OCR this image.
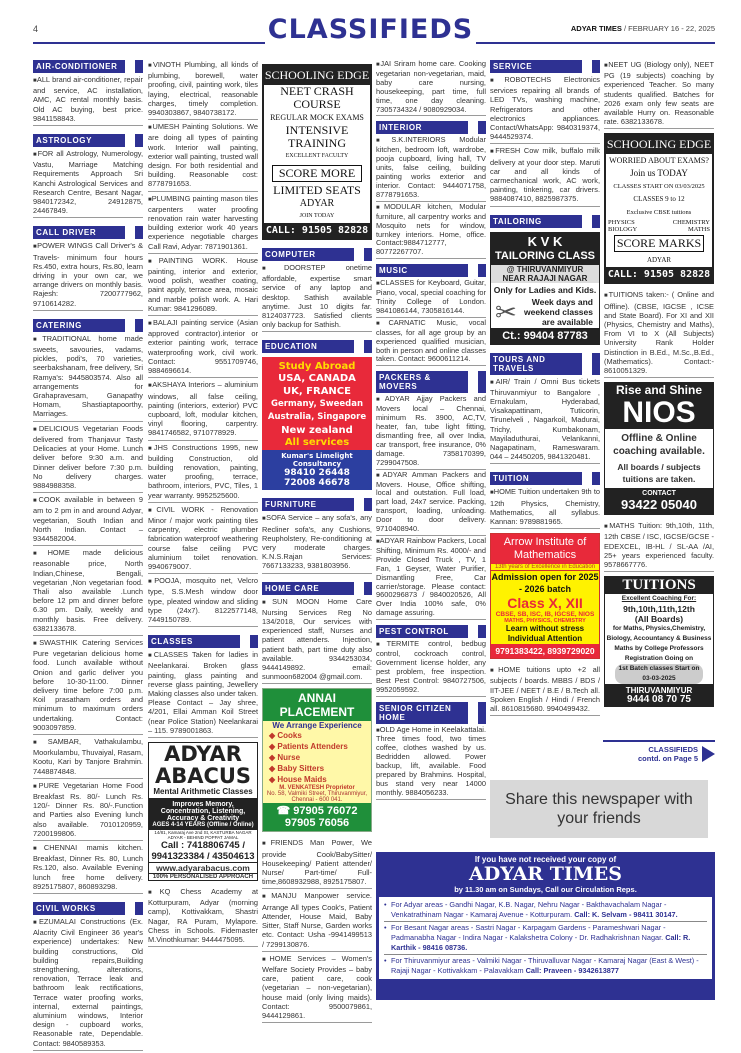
4	CLASSIFIEDS	ADYAR TIMES / FEBRUARY 16 - 22, 2025
AIR-CONDITIONER
■ALL brand air-conditioner, repair and service, AC installation, AMC, AC rental monthly basis. Old AC buying, best price. 9841158843.
ASTROLOGY
■FOR all Astrology, Numerology, Vastu, Marriage Matching Requirements Approach Sri Kanchi Astrological Services and Research Centre, Besant Nagar, 9840172342, 24912875, 24467849.
CALL DRIVER
■POWER WINGS Call Driver's & Travels- minimum four hours Rs.450, extra hours, Rs.80, learn driving in your own car, we arrange drivers on monthly basis. Rajesh: 7200777962, 9710614282.
CATERING
■TRADITIONAL home made sweets, savouries, vadams, pickles, podi's, 70 varieties, seerbakshanam, free delivery, Sri Ramya's: 9445803574. Also all arrangements for Grahapravesam, Ganapathy Homam, Shastiaptapoorthy, Marriages.
■DELICIOUS Vegetarian Foods delivered from Thanjavur Tasty Delicacies at your Home. Lunch deliver before 9:30 a.m. and Dinner deliver before 7:30 p.m. No delivery charges. 9884988358.
■COOK available in between 9 am to 2 pm in and around Adyar, vegetarian, South Indian and North Indian. Contact – 9344582004.
■HOME made delicious reasonable price, North Indian,Chinese, Bengali, vegetarian ,Non vegetarian food. Thali also available .Lunch before 12 pm and dinner before 6.30 pm. Daily, weekly and monthly basis. Free delivery. 6382133678.
■SWASTHIK Catering Services Pure vegetarian delicious home food. Lunch available without Onion and garlic deliver you before 10-30-11:00. Dinner delivery time before 7:00 p.m. Koil prasatham orders and minimum to maximum orders undertaking. Contact: 9003097859.
■SAMBAR, Vathakulambu, Moorkulambu, Thuvaiyal, Rasam, Kootu, Kari by Tanjore Brahmin. 7448874848.
■PURE Vegetarian Home Food Breakfast Rs. 80/- Lunch Rs. 120/- Dinner Rs. 80/-.Function and Parties also Evening lunch also available. 7010120959, 7200199806.
■CHENNAI mamis kitchen. Breakfast, Dinner Rs. 80, Lunch Rs.120, also. Available Evening lunch free home delivery. 8925175807, 860893298.
CIVIL WORKS
■EZUMALAI Constructions (Ex. Alacrity Civil Engineer 36 year's experience) undertakes: New building constructions, Old building repairs,Building strengthening, alterations, renovation, Terrace leak and bathroom leak rectifications, Terrace water proofing works, internal, external paintings, aluminium windows, Interior design - cupboard works, Reasonable rate, Dependable. Contact: 9840589353.
■VINOTH Plumbing, all kinds of plumbing, borewell, water proofing, civil, painting work, tiles laying, electrical, reasonable charges, timely completion. 9940303867, 9840738172.
■UMESH Painting Solutions. We are doing all types of painting work. Interior wall painting, exterior wall painting, trusted wall design. For both residential and building. Reasonable cost: 8778791653.
■PLUMBING painting mason tiles carpenters water proofing renovation rain water harvesting building exterior work 40 years experience negotiable charges Call Ravi, Adyar: 7871901361.
■PAINTING WORK. House painting, interior and exterior, wood polish, weather coating, paint apply, terrace area, mosaic and marble polish work. A. Hari Kumar: 9841296089.
■BALAJI painting service (Asian approved contractor).interior or exterior painting work, terrace waterproofing work, civil work. Contact: 9551709746, 9884696614.
■AKSHAYA Interiors – aluminium windows, all false ceiling, painting (interiors, exterior) PVC cupboard, loft, modular kitchen, vinyl flooring, carpentry. 9841746582, 9710778929.
■JHS Constructions 1995, new building Construction, old building renovation, painting, water proofing, terrace, bathroom, interiors, PVC, Tiles, 1 year warranty. 9952525600.
■CIVIL WORK - Renovation Minor / major work painting tiles carpentry, electric plumber fabrication waterproof weathering course false ceiling PVC aluminium toilet renovation. 9940679007.
■POOJA, mosquito net, Velcro type, S.S.Mesh window door type, pleated window and sliding type (24x7). 8122577148, 7449150789.
CLASSES
■CLASSES Taken for ladies in Neelankarai. Broken glass painting, glass painting and reverse glass painting, Jewellery Making classes also under taken. Please Contact – Jay shree, 4/201, Ellai Amman Koil Street (near Police Station) Neelankarai – 115. 9789001863.
ADYAR
ABACUS
Mental Arithmetic Classes
Improves Memory, Concentration, Listening, Accuracy & Creativity
AGES 4-14 YEARS (Offline / Online)
14/81, Kamaraj Ave 2nd St, KASTURBA NAGAR ADYAR - BEHIND POPPAT JAMAL
Call : 7418806745 /
9941323384 / 43504613
www.adyarabacus.com
100% PERSONALISED APPROACH
■KQ Chess Academy at Kotturpuram, Adyar (morning camp), Kottivakkam, Shastri Nagar, RA Puram, Mylapore. Chess in Schools. Fidemaster M.Vinothkumar: 9444475095.
SCHOOLING EDGE
NEET CRASH COURSE
REGULAR MOCK EXAMS
INTENSIVE TRAINING
EXCELLENT FACULTY
SCORE MORE
LIMITED SEATS
ADYAR
JOIN TODAY
CALL: 91505 82828
COMPUTER
■DOORSTEP onetime affordable, expertise smart service of any laptop and desktop. Sathish available anytime. Just 10 digits far. 8124037723. Satisfied clients only backup for Sathish.
EDUCATION
Study Abroad
USA, CANADA
UK, FRANCE
Germany, Sweedan
Australia, Singapore
New zealand
All services
Kumar's Limelight Consultancy
98410 26448
72008 46678
FURNITURE
■SOFA Service – any sofa's, any Recliner sofa's, any Cushions, Reupholstery, Re-conditioning at very moderate charges. K.N.S.Rajan Services: 7667133233, 9381803956.
HOME CARE
■SUN MOON Home Care Nursing Services Reg No 134/2018, Our services with experienced staff, Nurses and patient attenders. Injection, patient bath, part time duty also available. 9344253034, 9444149892. email: sunmoon682004 @gmail.com.
ANNAI PLACEMENT
We Arrange Experience
◆ Cooks
◆ Patients Attenders
◆ Nurse
◆ Baby Sitters
◆ House Maids
M. VENKATESH Proprietor
No. 58, Valmiki Street, Thiruvanmiyur, Chennai - 600 041.
☎ 97905 76072
97905 76056
■FRIENDS Man Power, We provide Cook/BabySitter/ Housekeeping/ Patient attender/ Nurse/ Part-time/ Full-time,8608932988, 8925175807.
■MANJU Manpower service. Arrange All types Cook's, Patient Attender, House Maid, Baby Sitter, Staff Nurse, Garden works etc. Contact: Usha -9941499513 / 7299130876.
■HOME Services – Women's Welfare Society Provides – baby care, patient care, cook (vegetarian – non-vegetarian), house maid (only living maids). Contact: 9500079861, 9444129861.
■JAI Sriram home care. Cooking vegetarian non-vegetarian, maid, baby care nursing, housekeeping, part time, full time, one day cleaning. 7305734324 / 9080929034.
INTERIOR
■S.K.INTERIORS Modular kitchen, bedroom loft, wardrobe, pooja cupboard, living hall, TV units, false ceiling, building painting works exterior and interior. Contact: 9444071758, 8778791653.
■MODULAR kitchen, Modular furniture, all carpentry works and Mosquito nets for window, turnkey interiors. Home, office. Contact:9884712777, 80772267707.
MUSIC
■CLASSES for Keyboard, Guitar, Piano, vocal, special coaching for Trinity College of London. 9841086144, 7305816144.
■CARNATIC Music, vocal classes, for all age group by an experienced qualified musician, both in person and online classes taken. Contact: 9600611214.
PACKERS & MOVERS
■ADYAR Ajjay Packers and Movers local – Chennai, minimum Rs. 3900, AC,TV, heater, fan, tube light fitting, dismantling free, all over India, car transport, free insurance, 0% damage. 7358170399, 7299047508.
■ADYAR Amman Packers and Movers. House, Office shifting, local and outstation. Full load, part load, 24x7 service. Packing, transport, loading, unloading. Door to door delivery. 9710408940.
■ADYAR Rainbow Packers, Local Shifting, Minimum Rs. 4000/- and Provide Closed Truck , TV, 1 Fan, 1 Geyser, Water Purifier, Dismantling Free, Car carrier/storage. Please contact: 9600296873 / 9840020526, All Over India 100% safe, 0% damage assuring.
PEST CONTROL
■TERMITE control, bedbug control, cockroach control, Government license holder, any pest problem, free inspection. Best Pest Control: 9840727506, 9952059592.
SENIOR CITIZEN HOME
■OLD Age Home in Keelakattalai. Three times food, two times coffee, clothes washed by us. Bedridden allowed. Power backup, lift, available. Food prepared by Brahmins. Hospital, bus stand very near 14000 monthly. 9884056233.
SERVICE
■ROBOTECHS Electronics services repairing all brands of LED TVs, washing machine, Refrigerators and other electronics appliances. Contact/WhatsApp: 9840319374, 9444529374.
■FRESH Cow milk, buffalo milk delivery at your door step. Maruti car and all kinds of carmechanical work, AC work, painting, tinkering, car drivers. 9884087410, 8825987375.
TAILORING
K V K
TAILORING CLASS
@ THIRUVANMIYUR
NEAR RAJAJI NAGAR
Only for Ladies and Kids.
✂	Week days and weekend classes are available
Ct.: 99404 87783
TOURS AND TRAVELS
■AIR/ Train / Omni Bus tickets Thiruvanmiyur to Bangalore , Ernakulam, Hyderabad, Visakapattinam, Tuticorin, Tirunelveli , Nagarkoil, Madurai, Trichy, Kumbakonam, Mayiladuthurai, Velankanni, Nagapatinam, Rameswaram. 044 – 24450205, 9841320481.
TUITION
■HOME Tuition undertaken 9th to 12th Physics, Chemistry, Mathematics, all syllabus. Kannan: 9789881965.
Arrow Institute of Mathematics
13th years of Excellence in Education
Admission open for 2025 - 2026 batch
Class X, XII
CBSE, SB, ISC, IB, IGCSE, NIOS
MATHS, PHYSICS, CHEMISTRY
Learn without stress Individual Attention
9791383422, 8939729020
■HOME tuitions upto +2 all subjects / boards. MBBS / BDS / IIT-JEE / NEET / B.E / B.Tech all. Spoken English / Hindi / French all. 8610815680. 9940499432.
■NEET UG (Biology only), NEET PG (19 subjects) coaching by experienced Teacher. So many students qualified. Batches for 2026 exam only few seats are available Hurry on. Reasonable rate. 6382133678.
SCHOOLING EDGE
WORRIED ABOUT EXAMS?
Join us TODAY
CLASSES START ON 03/03/2025
CLASSES 9 to 12
Exclusive CBSE tuitions
PHYSICS	CHEMISTRY
BIOLOGY	MATHS
SCORE MARKS
ADYAR
CALL: 91505 82828
■TUITIONS taken:- ( Online and Offline). (CBSE, IGCSE , ICSE and State Board). For XI and XII (Physics, Chemistry and Maths), From VI to X (All Subjects) University Rank Holder Distinction in B.Ed., M.Sc.,B.Ed., (Mathematics). Contact:- 8610051329.
Rise and Shine
NIOS
Offline & Online coaching available.
All boards / subjects tuitions are taken.
CONTACT
93422 05040
■MATHS Tuition: 9th,10th, 11th, 12th CBSE / ISC, IGCSE/GCSE - EDEXCEL, IB-HL / SL-AA /AI, 25+ years experienced faculty. 9578667776.
TUITIONS
Excellent Coaching For:
9th,10th,11th,12th
(All Boards)
for Maths, Physics,Chemistry, Biology, Accountancy & Business Maths by College Professors
Registration Going on
1st Batch classes Start on 03-03-2025
THIRUVANMIYUR
9444 08 70 75
CLASSIFIEDS
contd. on Page 5
Share this newspaper with your friends
If you have not received your copy of
ADYAR TIMES
by 11.30 am on Sundays, Call our Circulation Reps.
• For Adyar areas - Gandhi Nagar, K.B. Nagar, Nehru Nagar - Bakthavachalam Nagar - Venkatrathinam Nagar - Kamaraj Avenue - Kotturpuram. Call: K. Selvam - 98411 30147.
• For Besant Nagar areas - Sastri Nagar - Karpagam Gardens - Parameshwari Nagar - Padmanabha Nagar - Indira Nagar - Kalakshetra Colony - Dr. Radhakrishnan Nagar. Call: R. Karthik - 98416 08736.
• For Thiruvanmiyur areas - Valmiki Nagar - Thiruvalluvar Nagar - Kamaraj Nagar (East & West) - Rajaji Nagar - Kottivakkam - Palavakkam Call: Praveen - 9342613877
